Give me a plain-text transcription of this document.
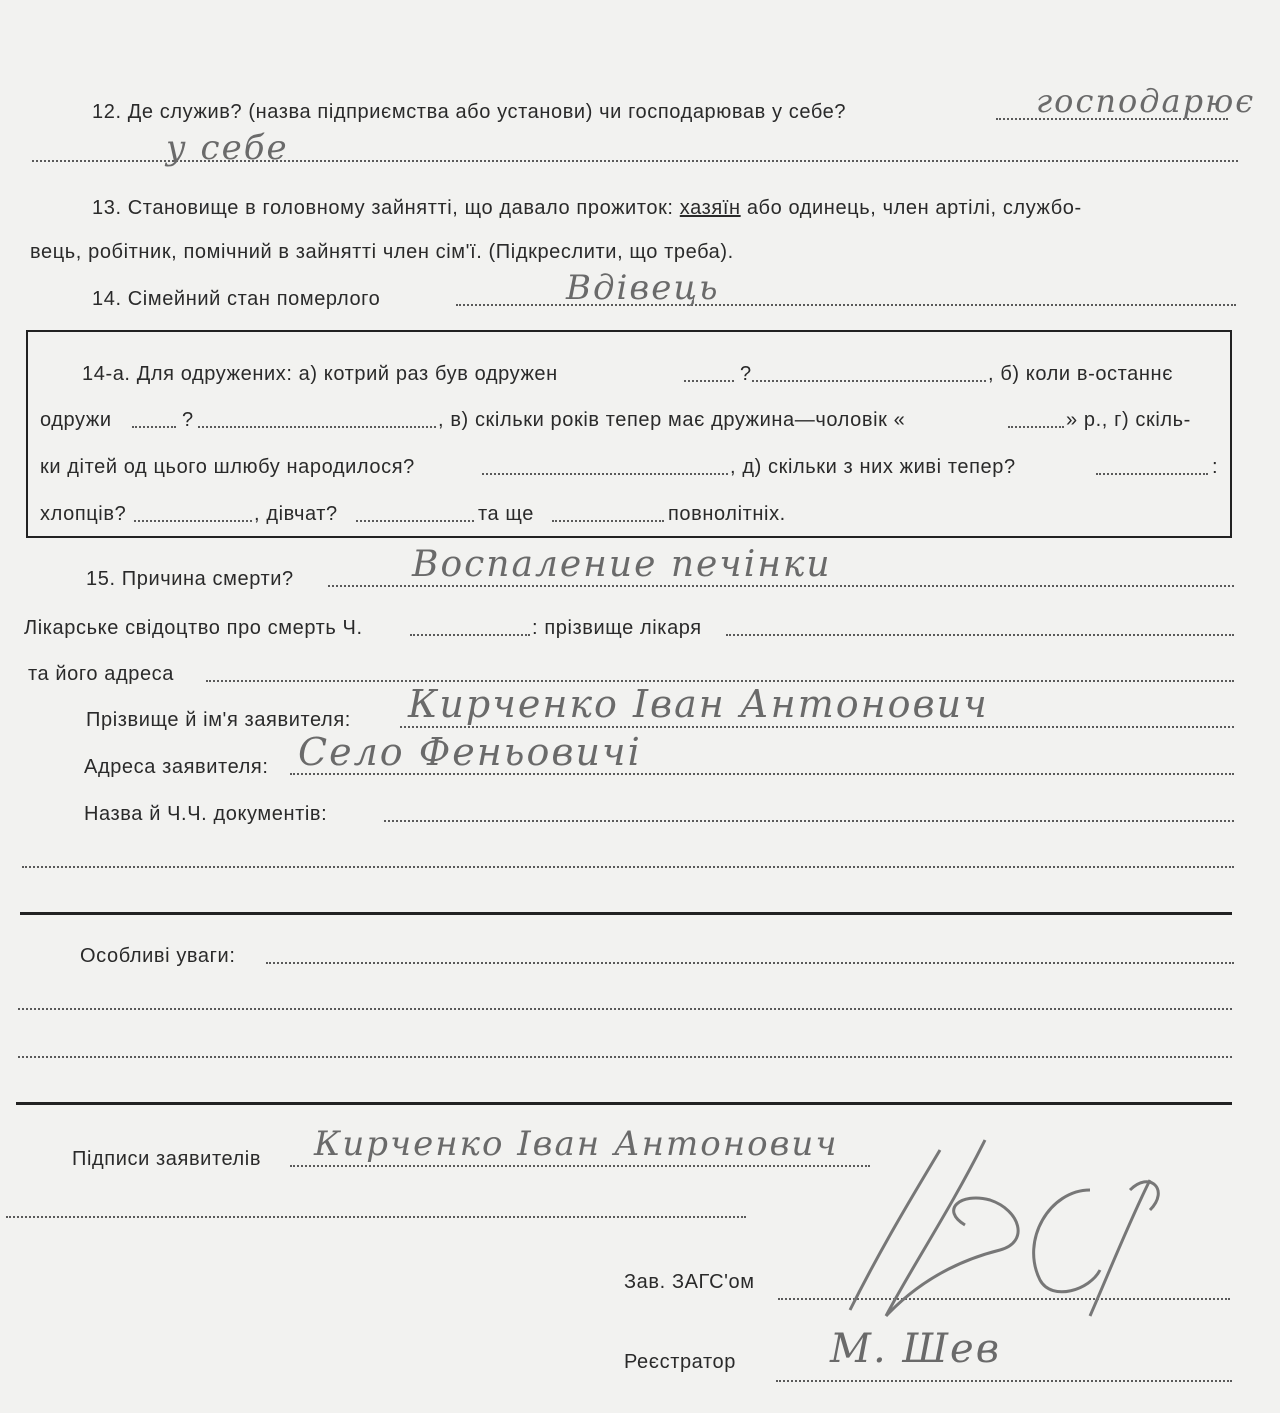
12. Де служив? (назва підприємства або установи) чи господарював у себе?	господарює
у себе
13. Становище в головному зайнятті, що давало прожиток: хазяїн або одинець, член артілі, службо-
вець, робітник, помічний в зайнятті член сім'ї. (Підкреслити, що треба).
14. Сімейний стан померлого	Вдівець
14-а. Для одружених: а) котрий раз був одружен	?	, б) коли в-останнє
одружи	?	, в) скільки років тепер має дружина—чоловік «	» р., г) скіль-
ки дітей од цього шлюбу народилося?	, д) скільки з них живі тепер?	:
хлопців?	, дівчат?	та ще	повнолітніх.
15. Причина смерти?	Воспаление печінки
Лікарське свідоцтво про смерть Ч.	: прізвище лікаря
та його адреса
Прізвище й ім'я заявителя: Кирченко Іван Антонович
Адреса заявителя: Село Феньовичі
Назва й Ч.Ч. документів:
Особливі уваги:
Підписи заявителів Кирченко Іван Антонович
Зав. ЗАГС'ом
Реєстратор М. Шев
